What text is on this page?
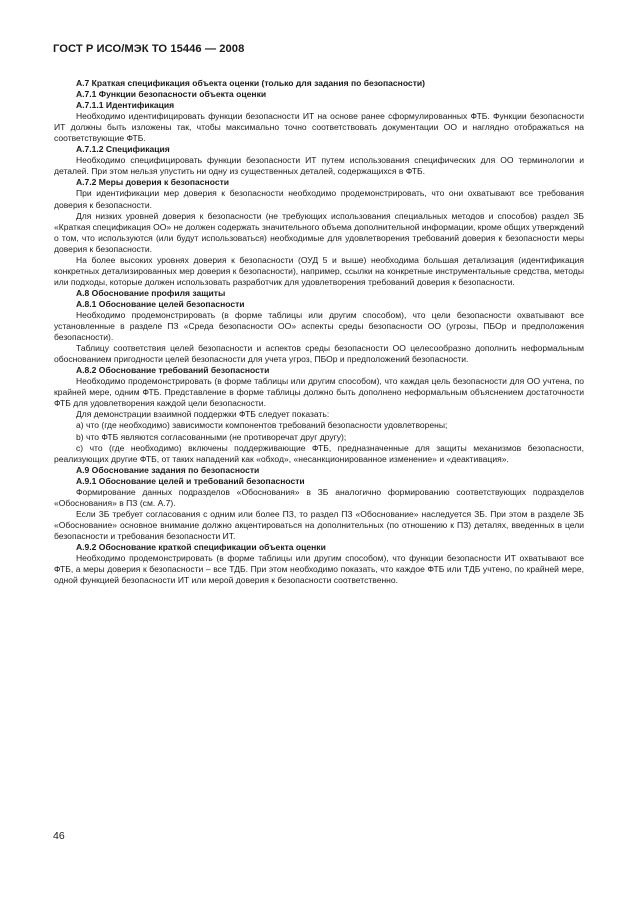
ГОСТ Р ИСО/МЭК ТО 15446 — 2008

А.7 Краткая спецификация объекта оценки (только для задания по безопасности)

А.7.1 Функции безопасности объекта оценки

А.7.1.1 Идентификация

Необходимо идентифицировать функции безопасности ИТ на основе ранее сформулированных ФТБ. Функции безопасности ИТ должны быть изложены так, чтобы максимально точно соответствовать документации ОО и наглядно отображаться на соответствующие ФТБ.

А.7.1.2 Спецификация

Необходимо специфицировать функции безопасности ИТ путем использования специфических для ОО терминологии и деталей. При этом нельзя упустить ни одну из существенных деталей, содержащихся в ФТБ.

А.7.2 Меры доверия к безопасности

При идентификации мер доверия к безопасности необходимо продемонстрировать, что они охватывают все требования доверия к безопасности.

Для низких уровней доверия к безопасности (не требующих использования специальных методов и способов) раздел ЗБ «Краткая спецификация ОО» не должен содержать значительного объема дополнительной информации, кроме общих утверждений о том, что используются (или будут использоваться) необходимые для удовлетворения требований доверия к безопасности меры доверия к безопасности.

На более высоких уровнях доверия к безопасности (ОУД 5 и выше) необходима большая детализация (идентификация конкретных детализированных мер доверия к безопасности), например, ссылки на конкретные инструментальные средства, методы или подходы, которые должен использовать разработчик для удовлетворения требований доверия к безопасности.

А.8 Обоснование профиля защиты

А.8.1 Обоснование целей безопасности

Необходимо продемонстрировать (в форме таблицы или другим способом), что цели безопасности охватывают все установленные в разделе ПЗ «Среда безопасности ОО» аспекты среды безопасности ОО (угрозы, ПБОр и предположения безопасности).

Таблицу соответствия целей безопасности и аспектов среды безопасности ОО целесообразно дополнить неформальным обоснованием пригодности целей безопасности для учета угроз, ПБОр и предположений безопасности.

А.8.2 Обоснование требований безопасности

Необходимо продемонстрировать (в форме таблицы или другим способом), что каждая цель безопасности для ОО учтена, по крайней мере, одним ФТБ. Представление в форме таблицы должно быть дополнено неформальным объяснением достаточности ФТБ для удовлетворения каждой цели безопасности.

Для демонстрации взаимной поддержки ФТБ следует показать:

а) что (где необходимо) зависимости компонентов требований безопасности удовлетворены;

b) что ФТБ являются согласованными (не противоречат друг другу);

c) что (где необходимо) включены поддерживающие ФТБ, предназначенные для защиты механизмов безопасности, реализующих другие ФТБ, от таких нападений как «обход», «несанкционированное изменение» и «деактивация».

А.9 Обоснование задания по безопасности

А.9.1 Обоснование целей и требований безопасности

Формирование данных подразделов «Обоснования» в ЗБ аналогично формированию соответствующих подразделов «Обоснования» в ПЗ (см. А.7).

Если ЗБ требует согласования с одним или более ПЗ, то раздел ПЗ «Обоснование» наследуется ЗБ. При этом в разделе ЗБ «Обоснование» основное внимание должно акцентироваться на дополнительных (по отношению к ПЗ) деталях, введенных в цели безопасности и требования безопасности ИТ.

А.9.2 Обоснование краткой спецификации объекта оценки

Необходимо продемонстрировать (в форме таблицы или другим способом), что функции безопасности ИТ охватывают все ФТБ, а меры доверия к безопасности – все ТДБ. При этом необходимо показать, что каждое ФТБ или ТДБ учтено, по крайней мере, одной функцией безопасности ИТ или мерой доверия к безопасности соответственно.

46
